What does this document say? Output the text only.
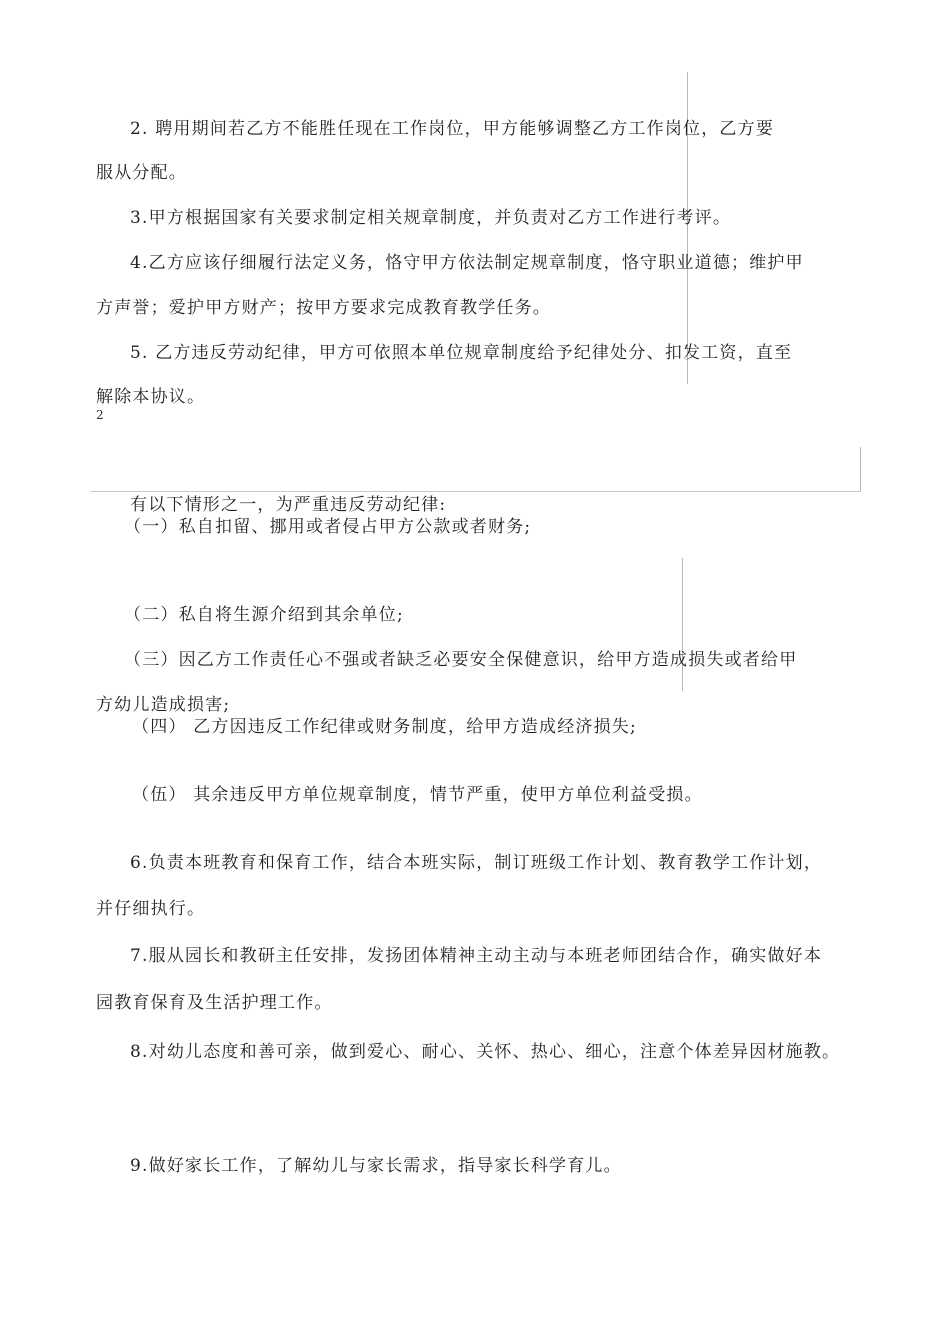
2. 聘用期间若乙方不能胜任现在工作岗位，甲方能够调整乙方工作岗位，乙方要
服从分配。
3.甲方根据国家有关要求制定相关规章制度，并负责对乙方工作进行考评。
4.乙方应该仔细履行法定义务，恪守甲方依法制定规章制度，恪守职业道德；维护甲
方声誉；爱护甲方财产；按甲方要求完成教育教学任务。
5. 乙方违反劳动纪律，甲方可依照本单位规章制度给予纪律处分、扣发工资，直至
解除本协议。
2
有以下情形之一，为严重违反劳动纪律:
（一）私自扣留、挪用或者侵占甲方公款或者财务;
（二）私自将生源介绍到其余单位;
（三）因乙方工作责任心不强或者缺乏必要安全保健意识，给甲方造成损失或者给甲
方幼儿造成损害;
（四） 乙方因违反工作纪律或财务制度，给甲方造成经济损失;
（伍） 其余违反甲方单位规章制度，情节严重，使甲方单位利益受损。
6.负责本班教育和保育工作，结合本班实际，制订班级工作计划、教育教学工作计划，
并仔细执行。
7.服从园长和教研主任安排，发扬团体精神主动主动与本班老师团结合作，确实做好本
园教育保育及生活护理工作。
8.对幼儿态度和善可亲，做到爱心、耐心、关怀、热心、细心，注意个体差异因材施教。
9.做好家长工作，了解幼儿与家长需求，指导家长科学育儿。
